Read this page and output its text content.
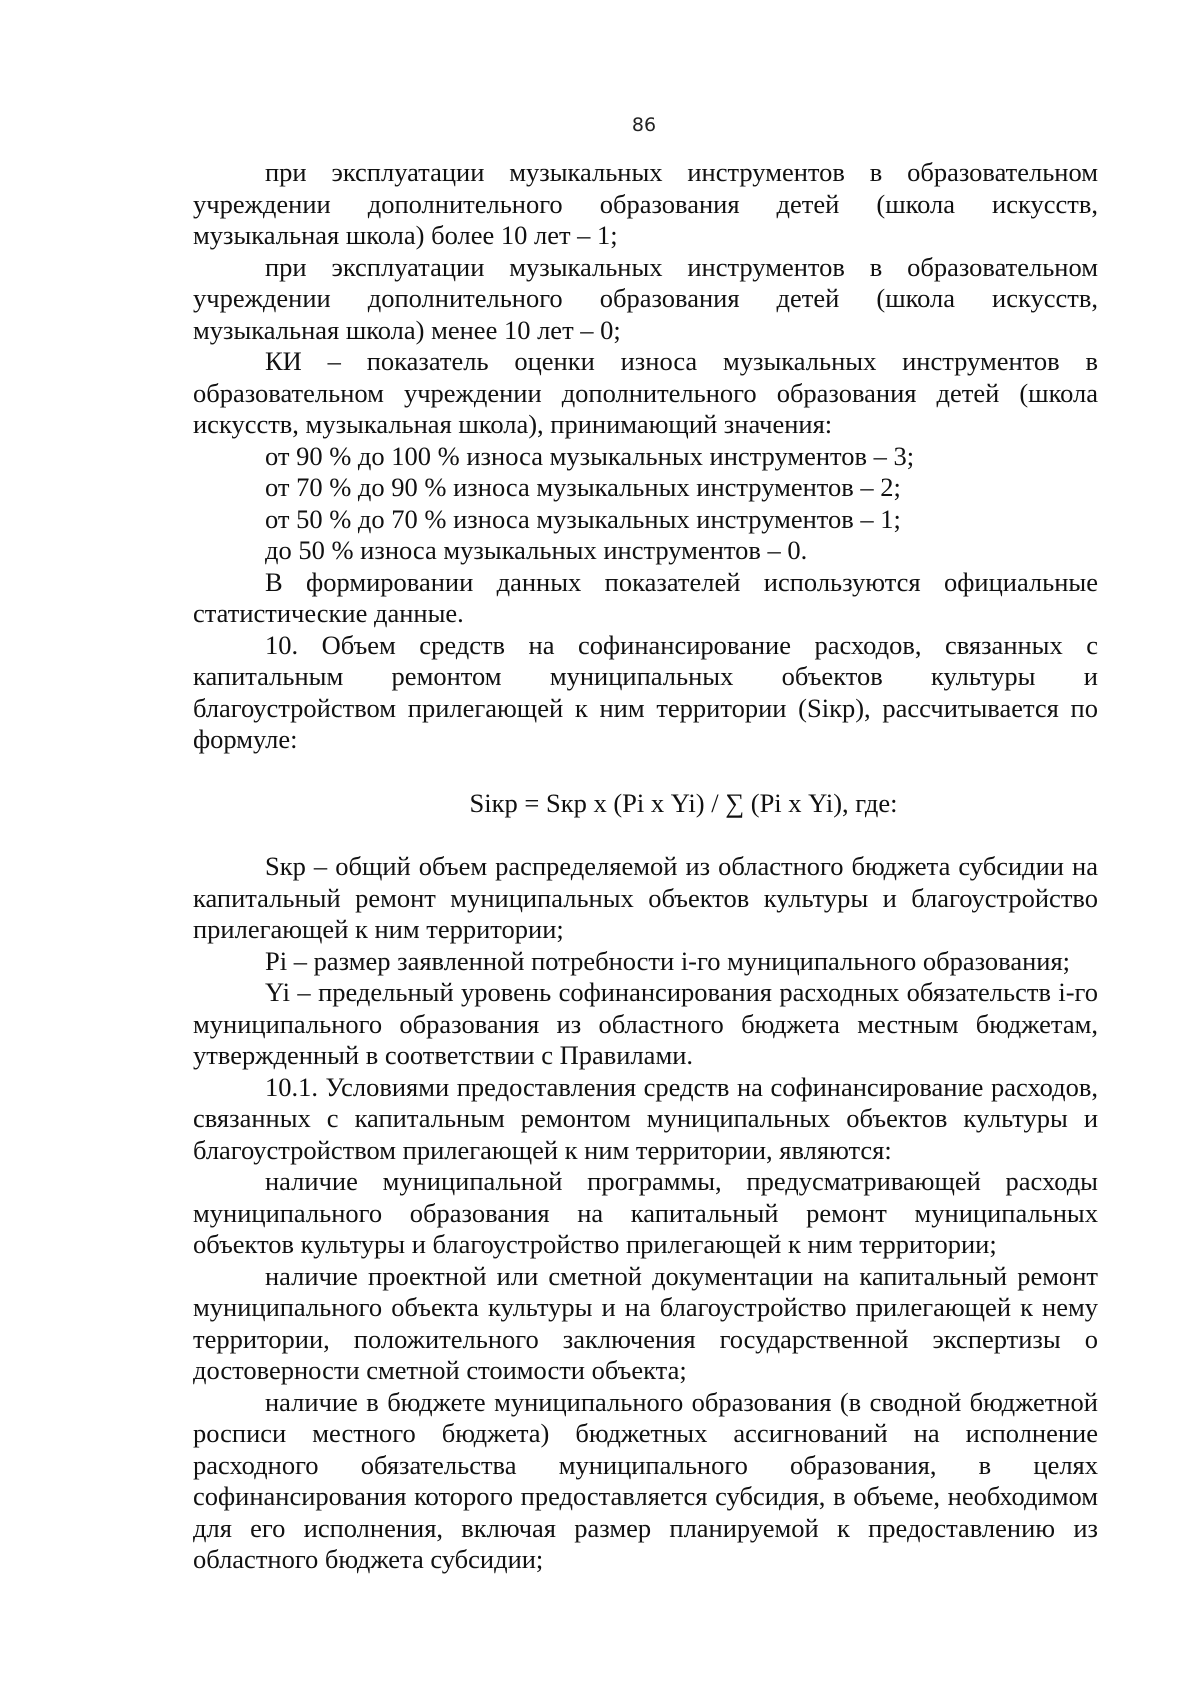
86

при эксплуатации музыкальных инструментов в образовательном учреждении дополнительного образования детей (школа искусств, музыкальная школа) более 10 лет – 1;

при эксплуатации музыкальных инструментов в образовательном учреждении дополнительного образования детей (школа искусств, музыкальная школа) менее 10 лет – 0;

КИ – показатель оценки износа музыкальных инструментов в образовательном учреждении дополнительного образования детей (школа искусств, музыкальная школа), принимающий значения:

от 90 % до 100 % износа музыкальных инструментов – 3;

от 70 % до 90 % износа музыкальных инструментов – 2;

от 50 % до 70 % износа музыкальных инструментов – 1;

до 50 % износа музыкальных инструментов – 0.

В формировании данных показателей используются официальные статистические данные.

10. Объем средств на софинансирование расходов, связанных с капитальным ремонтом муниципальных объектов культуры и благоустройством прилегающей к ним территории (Siкр), рассчитывается по формуле:

Siкр = Sкр х (Pi х Yi) / ∑ (Pi х Yi), где:

Sкр – общий объем распределяемой из областного бюджета субсидии на капитальный ремонт муниципальных объектов культуры и благоустройство прилегающей к ним территории;

Pi – размер заявленной потребности i-го муниципального образования;

Yi – предельный уровень софинансирования расходных обязательств i-го муниципального образования из областного бюджета местным бюджетам, утвержденный в соответствии с Правилами.

10.1. Условиями предоставления средств на софинансирование расходов, связанных с капитальным ремонтом муниципальных объектов культуры и благоустройством прилегающей к ним территории, являются:

наличие муниципальной программы, предусматривающей расходы муниципального образования на капитальный ремонт муниципальных объектов культуры и благоустройство прилегающей к ним территории;

наличие проектной или сметной документации на капитальный ремонт муниципального объекта культуры и на благоустройство прилегающей к нему территории, положительного заключения государственной экспертизы о достоверности сметной стоимости объекта;

наличие в бюджете муниципального образования (в сводной бюджетной росписи местного бюджета) бюджетных ассигнований на исполнение расходного обязательства муниципального образования, в целях софинансирования которого предоставляется субсидия, в объеме, необходимом для его исполнения, включая размер планируемой к предоставлению из областного бюджета субсидии;
